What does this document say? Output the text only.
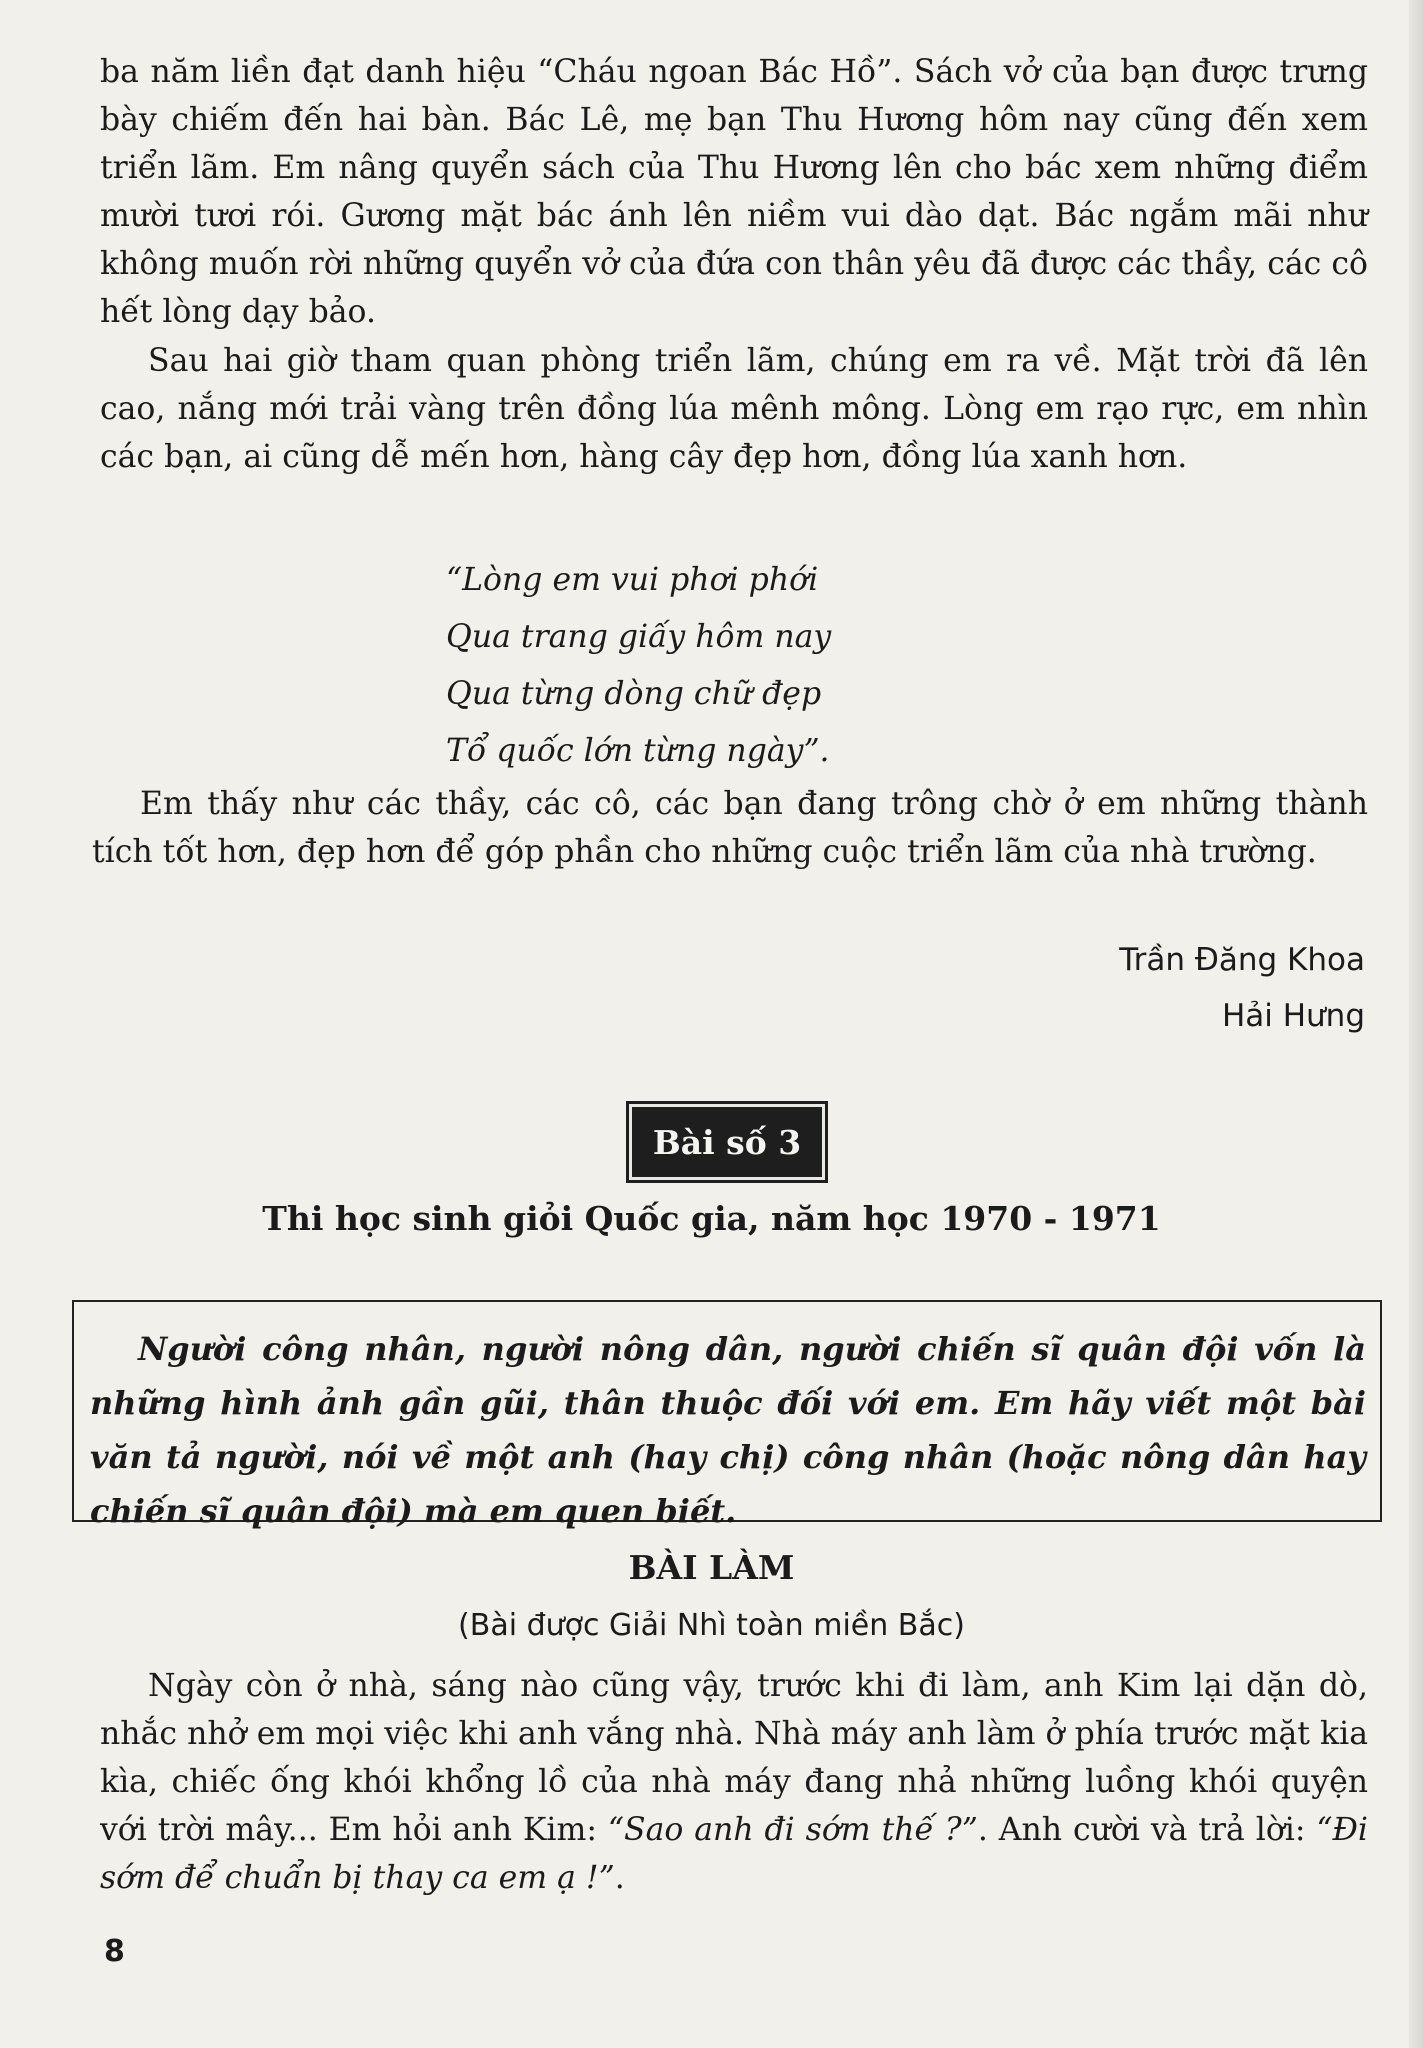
ba năm liền đạt danh hiệu “Cháu ngoan Bác Hồ”. Sách vở của bạn được trưng bày chiếm đến hai bàn. Bác Lê, mẹ bạn Thu Hương hôm nay cũng đến xem triển lãm. Em nâng quyển sách của Thu Hương lên cho bác xem những điểm mười tươi rói. Gương mặt bác ánh lên niềm vui dào dạt. Bác ngắm mãi như không muốn rời những quyển vở của đứa con thân yêu đã được các thầy, các cô hết lòng dạy bảo.

Sau hai giờ tham quan phòng triển lãm, chúng em ra về. Mặt trời đã lên cao, nắng mới trải vàng trên đồng lúa mênh mông. Lòng em rạo rực, em nhìn các bạn, ai cũng dễ mến hơn, hàng cây đẹp hơn, đồng lúa xanh hơn.

“Lòng em vui phơi phới
Qua trang giấy hôm nay
Qua từng dòng chữ đẹp
Tổ quốc lớn từng ngày”.

Em thấy như các thầy, các cô, các bạn đang trông chờ ở em những thành tích tốt hơn, đẹp hơn để góp phần cho những cuộc triển lãm của nhà trường.

Trần Đăng Khoa
Hải Hưng
Bài số 3
Thi học sinh giỏi Quốc gia, năm học 1970 - 1971

Người công nhân, người nông dân, người chiến sĩ quân đội vốn là những hình ảnh gần gũi, thân thuộc đối với em. Em hãy viết một bài văn tả người, nói về một anh (hay chị) công nhân (hoặc nông dân hay chiến sĩ quân đội) mà em quen biết.

BÀI LÀM
(Bài được Giải Nhì toàn miền Bắc)

Ngày còn ở nhà, sáng nào cũng vậy, trước khi đi làm, anh Kim lại dặn dò, nhắc nhở em mọi việc khi anh vắng nhà. Nhà máy anh làm ở phía trước mặt kia kìa, chiếc ống khói khổng lồ của nhà máy đang nhả những luồng khói quyện với trời mây... Em hỏi anh Kim: “Sao anh đi sớm thế ?”. Anh cười và trả lời: “Đi sớm để chuẩn bị thay ca em ạ !”.

8
